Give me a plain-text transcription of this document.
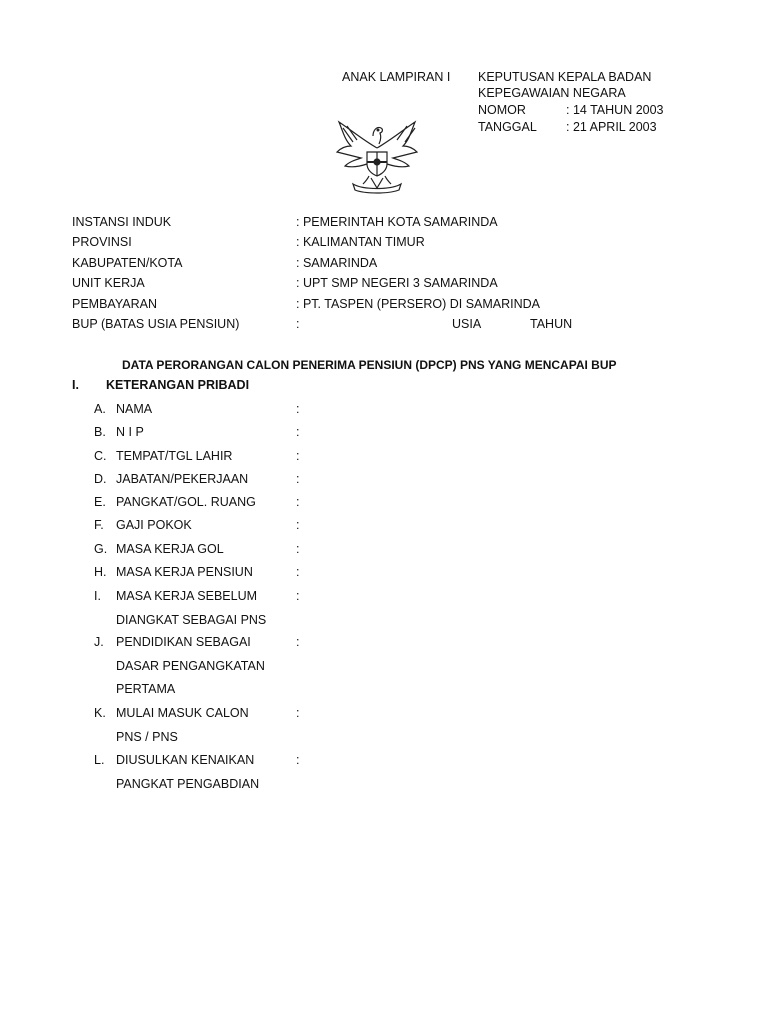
ANAK LAMPIRAN I KEPUTUSAN KEPALA BADAN
KEPEGAWAIAN NEGARA
NOMOR	: 14 TAHUN 2003
TANGGAL : 21 APRIL 2003
INSTANSI INDUK	: PEMERINTAH KOTA SAMARINDA
PROVINSI	: KALIMANTAN TIMUR
KABUPATEN/KOTA	: SAMARINDA
UNIT KERJA	: UPT SMP NEGERI 3 SAMARINDA
PEMBAYARAN	: PT. TASPEN (PERSERO) DI SAMARINDA
BUP (BATAS USIA PENSIUN)	:	USIA	TAHUN
DATA PERORANGAN CALON PENERIMA PENSIUN (DPCP) PNS YANG MENCAPAI BUP
I. KETERANGAN PRIBADI
A. NAMA	:
B. N I P	:
C. TEMPAT/TGL LAHIR	:
D. JABATAN/PEKERJAAN	:
E. PANGKAT/GOL. RUANG	:
F. GAJI POKOK	:
G. MASA KERJA GOL	:
H. MASA KERJA PENSIUN	:
I. MASA KERJA SEBELUM
DIANGKAT SEBAGAI PNS
:
J. PENDIDIKAN SEBAGAI
DASAR PENGANGKATAN
PERTAMA
:
K. MULAI MASUK CALON
PNS / PNS
:
L. DIUSULKAN KENAIKAN
PANGKAT PENGABDIAN
:
